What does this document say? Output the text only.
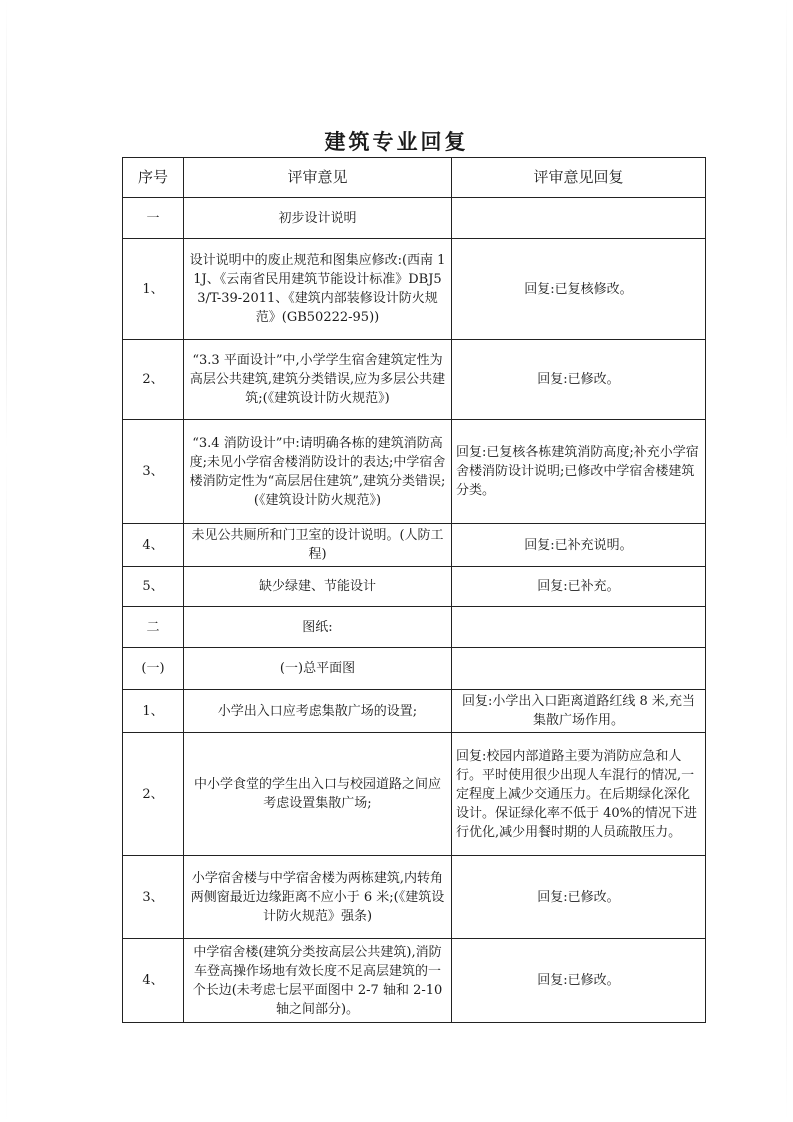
建筑专业回复
序号	评审意见	评审意见回复
一	初步设计说明	
1、	设计说明中的废止规范和图集应修改:(西南 11J、《云南省民用建筑节能设计标准》DBJ53/T-39-2011、《建筑内部装修设计防火规范》(GB50222-95))	回复:已复核修改。
2、	“3.3 平面设计”中,小学学生宿舍建筑定性为高层公共建筑,建筑分类错误,应为多层公共建筑;(《建筑设计防火规范》)	回复:已修改。
3、	“3.4 消防设计”中:请明确各栋的建筑消防高度;未见小学宿舍楼消防设计的表达;中学宿舍楼消防定性为“高层居住建筑”,建筑分类错误;(《建筑设计防火规范》)	回复:已复核各栋建筑消防高度;补充小学宿舍楼消防设计说明;已修改中学宿舍楼建筑分类。
4、	未见公共厕所和门卫室的设计说明。(人防工程)	回复:已补充说明。
5、	缺少绿建、节能设计	回复:已补充。
二	图纸:	
(一)	(一)总平面图	
1、	小学出入口应考虑集散广场的设置;	回复:小学出入口距离道路红线 8 米,充当集散广场作用。
2、	中小学食堂的学生出入口与校园道路之间应考虑设置集散广场;	回复:校园内部道路主要为消防应急和人行。平时使用很少出现人车混行的情况,一定程度上减少交通压力。在后期绿化深化设计。保证绿化率不低于 40%的情况下进行优化,减少用餐时期的人员疏散压力。
3、	小学宿舍楼与中学宿舍楼为两栋建筑,内转角两侧窗最近边缘距离不应小于 6 米;(《建筑设计防火规范》强条)	回复:已修改。
4、	中学宿舍楼(建筑分类按高层公共建筑),消防车登高操作场地有效长度不足高层建筑的一个长边(未考虑七层平面图中 2-7 轴和 2-10 轴之间部分)。	回复:已修改。
